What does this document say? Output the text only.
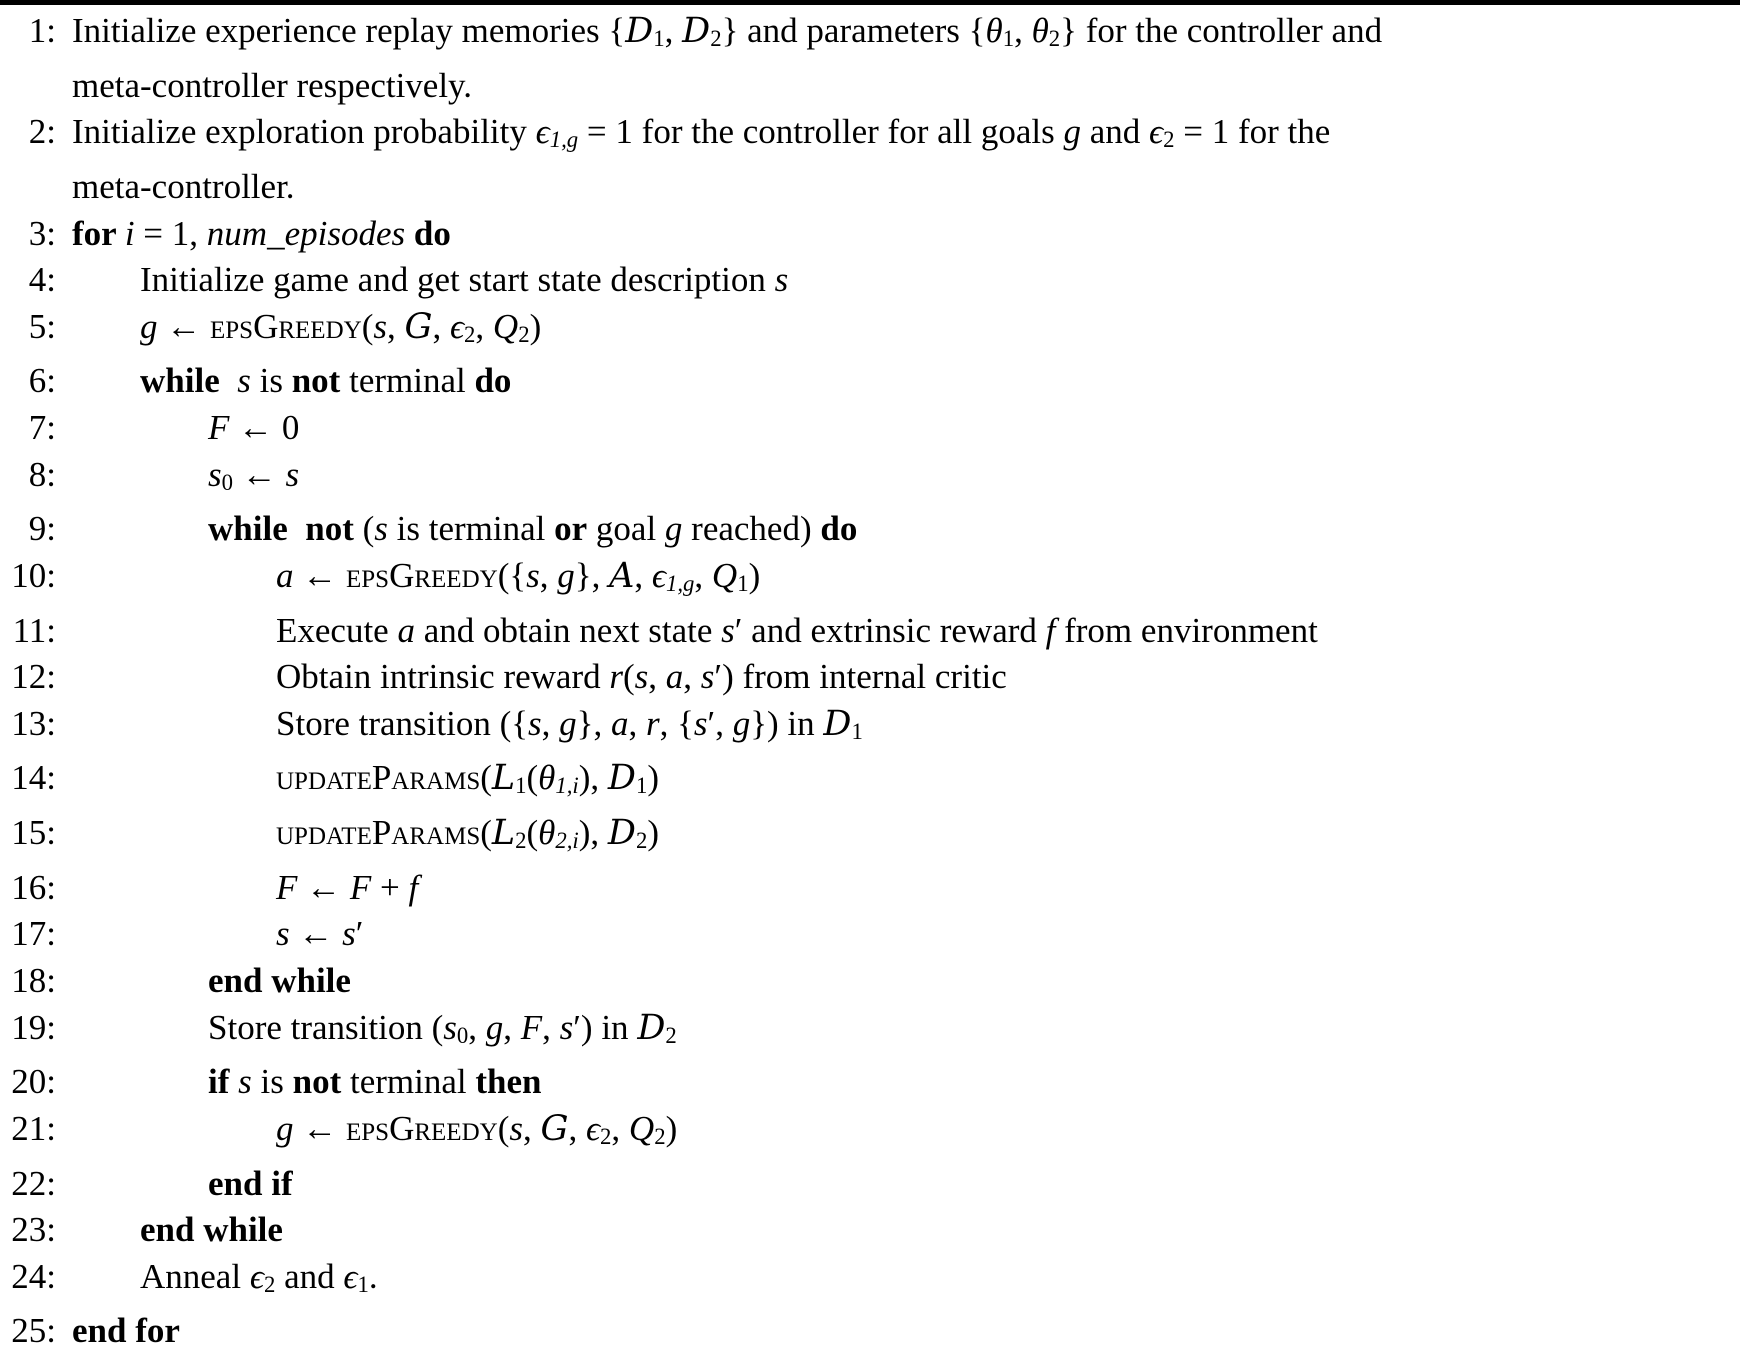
1: Initialize experience replay memories {D1, D2} and parameters {θ1, θ2} for the controller and
meta-controller respectively.
2: Initialize exploration probability ϵ1,g = 1 for the controller for all goals g and ϵ2 = 1 for the
meta-controller.
3: for i = 1, num_episodes do
4:	Initialize game and get start state description s
5:	g ← epsGreedy(s, G, ϵ2, Q2)
6:	while  s is not terminal do
7:	F ← 0
8:	s0 ← s
9:	while  not (s is terminal or goal g reached) do
10:	a ← epsGreedy({s, g}, A, ϵ1,g, Q1)
11:	Execute a and obtain next state s′ and extrinsic reward f from environment
12:	Obtain intrinsic reward r(s, a, s′) from internal critic
13:	Store transition ({s, g}, a, r, {s′, g}) in D1
14:	updateParams(L1(θ1,i), D1)
15:	updateParams(L2(θ2,i), D2)
16:	F ← F + f
17:	s ← s′
18:	end while
19:	Store transition (s0, g, F, s′) in D2
20:	if s is not terminal then
21:	g ← epsGreedy(s, G, ϵ2, Q2)
22:	end if
23:	end while
24:	Anneal ϵ2 and ϵ1.
25: end for
